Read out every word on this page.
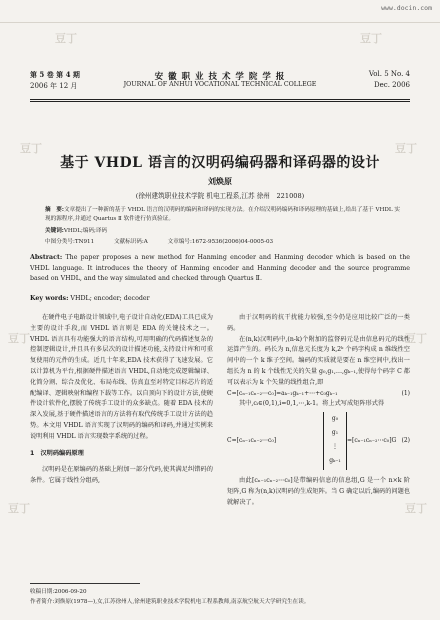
www.docin.com
豆丁	豆丁
豆丁	豆丁
豆丁	豆丁
豆丁	豆丁
第 5 卷 第 4 期
2006 年 12 月
安 徽 职 业 技 术 学 院 学 报
JOURNAL OF ANHUI VOCATIONAL TECHNICAL COLLEGE
Vol. 5 No. 4
Dec. 2006
基于 VHDL 语言的汉明码编码器和译码器的设计
刘焕原
(徐州建筑职业技术学院 机电工程系,江苏 徐州　221008)
摘　要:文章提出了一种新的基于 VHDL 语言的汉明码的编码和译码的实现方法。在介绍汉明码编码和译码原理的基础上,给出了基于 VHDL 实现的源程序,并通过 Quartus Ⅱ 软件进行仿真验证。
关键词:VHDL;编码;译码
中图分类号:TN911	文献标识码:A	文章编号:1672-9536(2006)04-0005-03
Abstract: The paper proposes a new method for Hanming encoder and Hanming decoder which is based on the VHDL language. It introduces the theory of Hanming encoder and Hanming decoder and the source programme based on VHDL, and the way simulated and checked through Quartus Ⅱ.
Key words: VHDL; encoder; decoder

在硬件电子电路设计领域中,电子设计自动化(EDA)工具已成为主要的设计手段,而 VHDL 语言则是 EDA 的关键技术之一。VHDL 语言具有功能强大的语言结构,可用明确的代码描述复杂的控制逻辑设计,并且具有多层次的设计描述功能,支持设计库和可重复使用的元件的生成。近几十年来,EDA 技术获得了飞速发展。它以计算机为平台,根据硬件描述语言 VHDL,自动地完成逻辑编译、化简分割、综合及优化、布局布线、仿真直至对特定目标芯片的适配编译、逻辑映射和编程下载等工作。以自顶向下的设计方法,使硬件设计软件化,摆脱了传统手工设计的众多缺点。随着 EDA 技术的深入发展,基于硬件描述语言的方法将有取代传统手工设计方法的趋势。本文用 VHDL 语言实现了汉明码的编码和译码,并通过实例来说明利用 VHDL 语言实现数字系统的过程。

1　汉明码编码原理

汉明码是在原编码的基础上附加一部分代码,使其满足纠错码的条件。它属于线性分组码,

由于汉明码的抗干扰能力较强,至今仍是应用比较广泛的一类码。

在(n,k)汉明码中,(n-k)个附加的监督码元是由信息码元的线性运算产生的。码长为 n,信息元长度为 k,2ᵏ 个码字构成 n 维线性空间中的一个 k 维子空间。编码的实质就是要在 n 维空间中,找出一组长为 n 的 k 个线性无关的矢量 g₀,g₁,…,gₖ₋₁,使得每个码字 C 都可以表示为 k 个矢量的线性组合,即

C=[cₙ₋₁cₙ₋₂⋯c₀]=aₖ₋₁gₖ₋₁+⋯+c₀gₖ₋₁	(1)

其中,cᵢ∈(0,1),i=0,1,⋯,k-1。将上式写成矩阵形式得

C=[cₙ₋₁cₙ₋₂⋯c₀]
g₀
g₁
⋮
gₖ₋₁
=[cₙ₋₁cₙ₋₂⋯c₀]G (2)

由此[cₙ₋₁cₙ₋₂⋯c₀]是带编码信息的信息组,G 是一个 n×k 阶矩阵,G 称为(n,k)汉明码的生成矩阵。当 G 确定以后,编码的问题也就解决了。

收稿日期:2006-09-20
作者简介:刘焕原(1978—),女,江苏徐州人,徐州建筑职业技术学院机电工程系教师,南京航空航天大学研究生在读。
